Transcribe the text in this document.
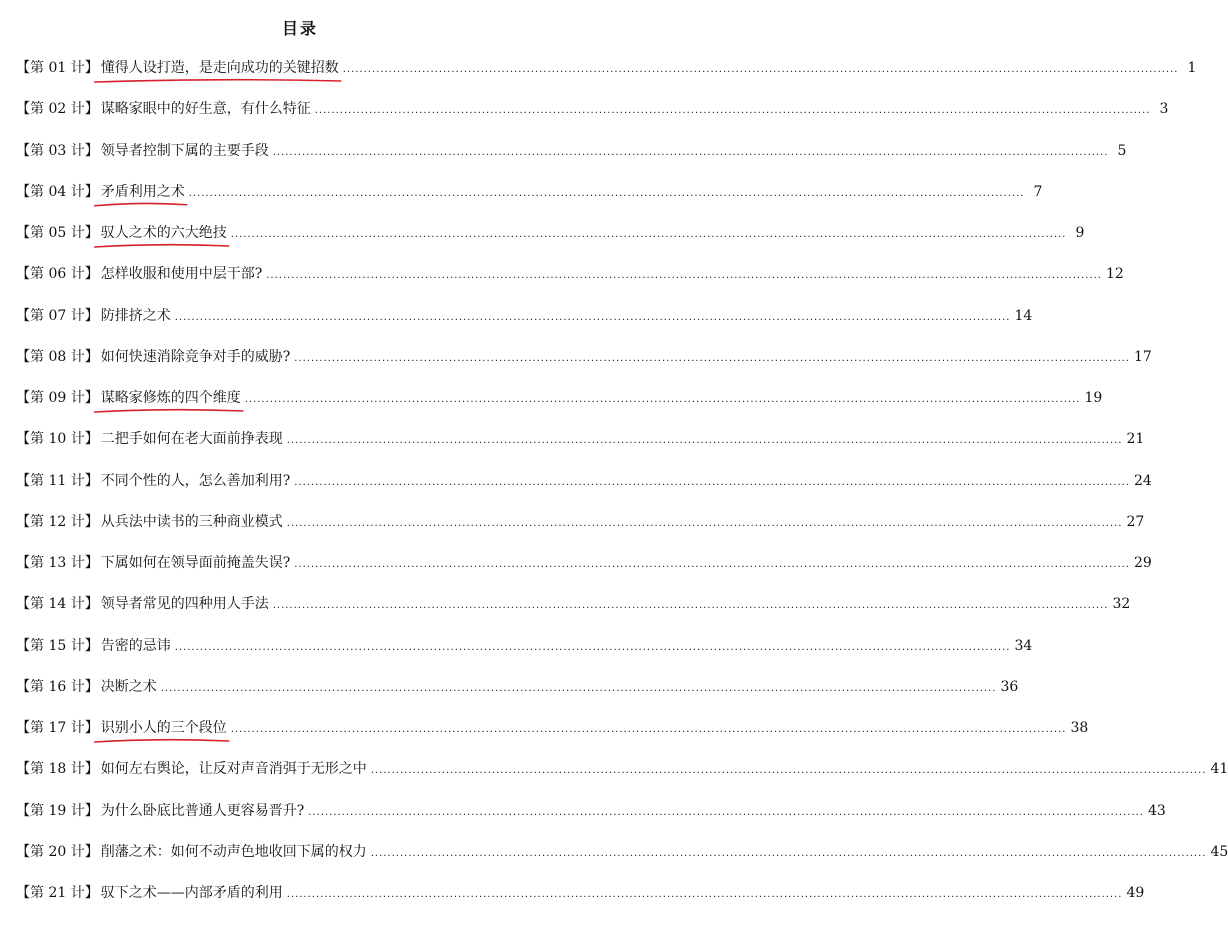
目录
【第 01 计】 懂得人设打造，是走向成功的关键招数 ........................................................................................................................................................................................................ 1
【第 02 计】 谋略家眼中的好生意，有什么特征 ........................................................................................................................................................................................................ 3
【第 03 计】 领导者控制下属的主要手段 ........................................................................................................................................................................................................ 5
【第 04 计】 矛盾利用之术 ........................................................................................................................................................................................................ 7
【第 05 计】 驭人之术的六大绝技 ........................................................................................................................................................................................................ 9
【第 06 计】 怎样收服和使用中层干部? ........................................................................................................................................................................................................ 12
【第 07 计】 防排挤之术 ........................................................................................................................................................................................................ 14
【第 08 计】 如何快速消除竞争对手的威胁? ........................................................................................................................................................................................................ 17
【第 09 计】 谋略家修炼的四个维度 ........................................................................................................................................................................................................ 19
【第 10 计】 二把手如何在老大面前挣表现 ........................................................................................................................................................................................................ 21
【第 11 计】 不同个性的人，怎么善加利用? ........................................................................................................................................................................................................ 24
【第 12 计】 从兵法中读书的三种商业模式 ........................................................................................................................................................................................................ 27
【第 13 计】 下属如何在领导面前掩盖失误? ........................................................................................................................................................................................................ 29
【第 14 计】 领导者常见的四种用人手法 ........................................................................................................................................................................................................ 32
【第 15 计】 告密的忌讳 ........................................................................................................................................................................................................ 34
【第 16 计】 决断之术 ........................................................................................................................................................................................................ 36
【第 17 计】 识别小人的三个段位 ........................................................................................................................................................................................................ 38
【第 18 计】 如何左右舆论，让反对声音消弭于无形之中 ........................................................................................................................................................................................................ 41
【第 19 计】 为什么卧底比普通人更容易晋升? ........................................................................................................................................................................................................ 43
【第 20 计】 削藩之术：如何不动声色地收回下属的权力 ........................................................................................................................................................................................................ 45
【第 21 计】 驭下之术——内部矛盾的利用 ........................................................................................................................................................................................................ 49
